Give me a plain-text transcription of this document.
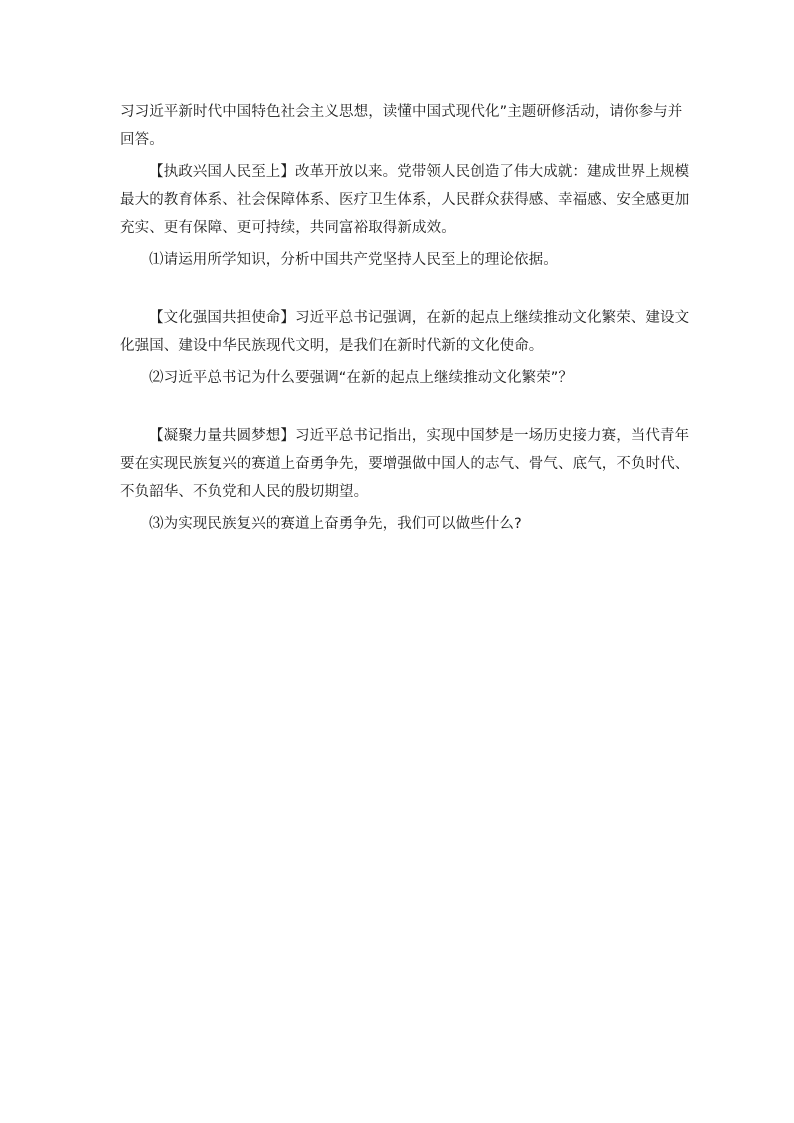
习习近平新时代中国特色社会主义思想，读懂中国式现代化”主题研修活动，请你参与并
回答。
【执政兴国人民至上】改革开放以来。党带领人民创造了伟大成就：建成世界上规模
最大的教育体系、社会保障体系、医疗卫生体系，人民群众获得感、幸福感、安全感更加
充实、更有保障、更可持续，共同富裕取得新成效。
⑴请运用所学知识，分析中国共产党坚持人民至上的理论依据。
【文化强国共担使命】习近平总书记强调，在新的起点上继续推动文化繁荣、建设文
化强国、建设中华民族现代文明，是我们在新时代新的文化使命。
⑵习近平总书记为什么要强调“在新的起点上继续推动文化繁荣”？
【凝聚力量共圆梦想】习近平总书记指出，实现中国梦是一场历史接力赛，当代青年
要在实现民族复兴的赛道上奋勇争先，要增强做中国人的志气、骨气、底气，不负时代、
不负韶华、不负党和人民的殷切期望。
⑶为实现民族复兴的赛道上奋勇争先，我们可以做些什么?
